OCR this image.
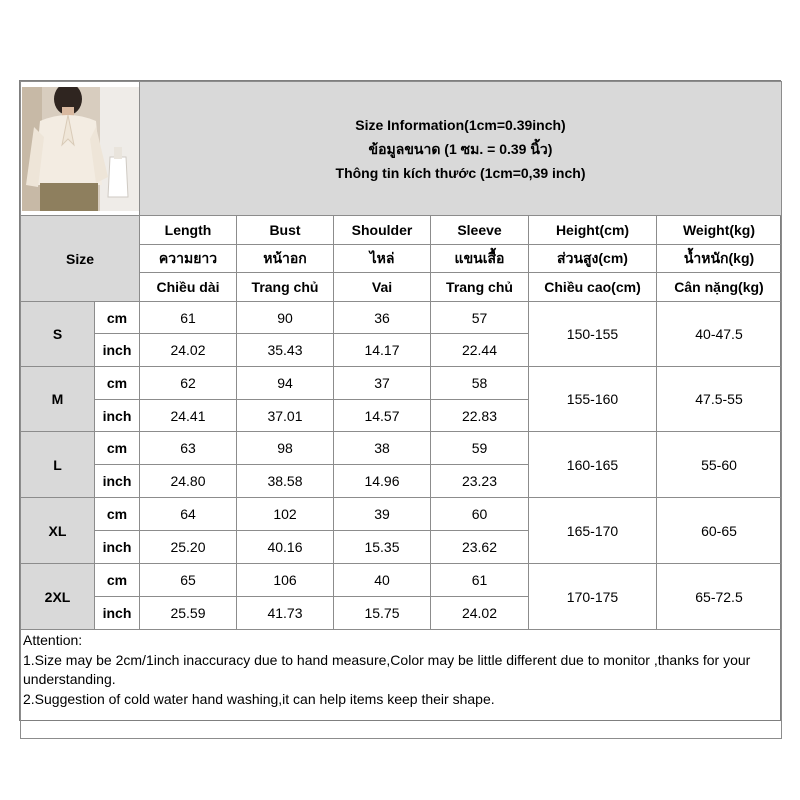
Size Information(1cm=0.39inch)
ข้อมูลขนาด (1 ซม. = 0.39 นิ้ว)
Thông tin kích thước (1cm=0,39 inch)					

Size		Length	Bust	Shoulder	Sleeve	Height(cm)	Weight(kg)
		ความยาว	หน้าอก	ไหล่	แขนเสื้อ	ส่วนสูง(cm)	น้ำหนัก(kg)
		Chiều dài	Trang chủ	Vai	Trang chủ	Chiều cao(cm)	Cân nặng(kg)
S	cm	61	90	36	57	150-155	40-47.5
	inch	24.02	35.43	14.17	22.44		
M	cm	62	94	37	58	155-160	47.5-55
	inch	24.41	37.01	14.57	22.83		
L	cm	63	98	38	59	160-165	55-60
	inch	24.80	38.58	14.96	23.23		
XL	cm	64	102	39	60	165-170	60-65
	inch	25.20	40.16	15.35	23.62		
2XL	cm	65	106	40	61	170-175	65-72.5
	inch	25.59	41.73	15.75	24.02		

Attention:
1.Size may be 2cm/1inch inaccuracy due to hand measure,Color may be little different due to monitor ,thanks for your understanding.
2.Suggestion of cold water hand washing,it can help items keep their shape.							
